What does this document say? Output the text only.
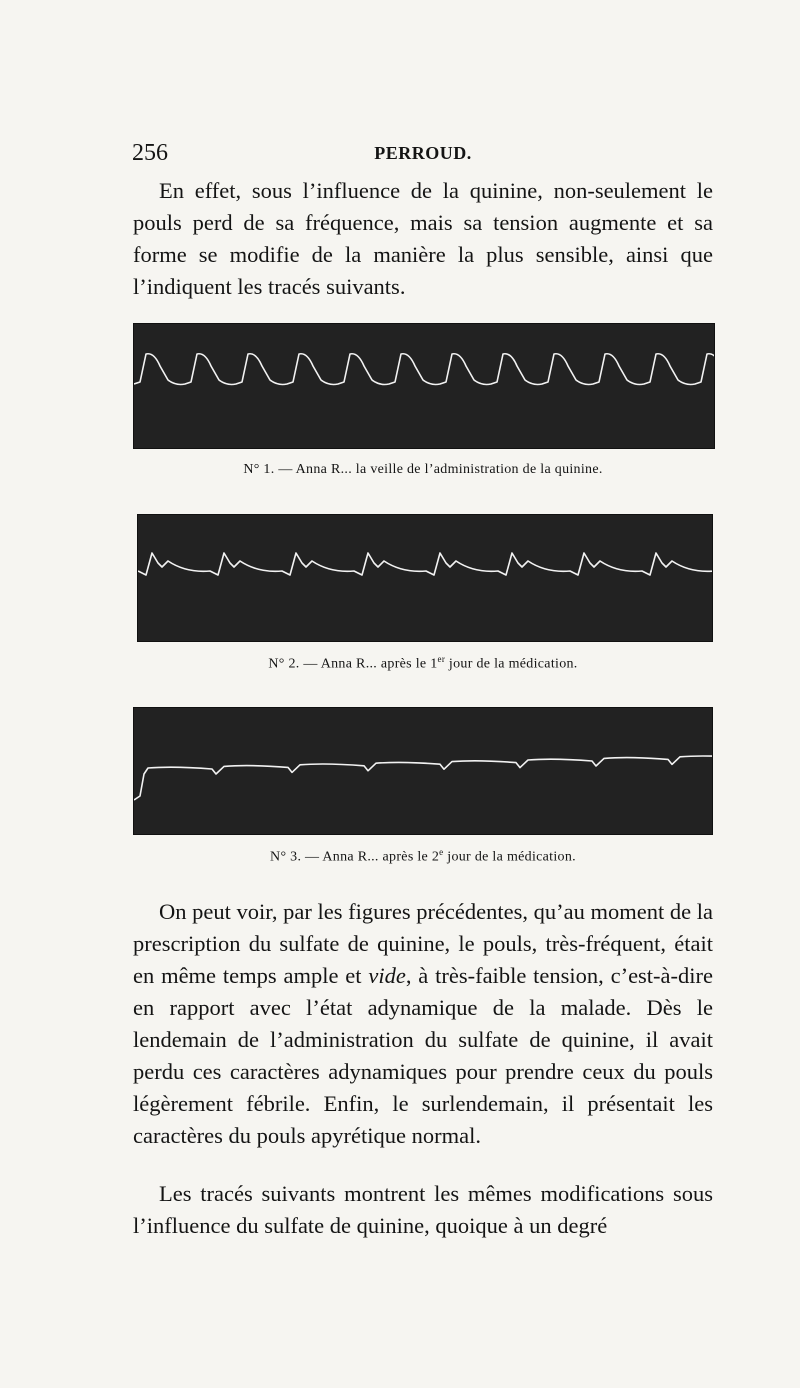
256	PERROUD.

En effet, sous l’influence de la quinine, non-seulement le pouls perd de sa fréquence, mais sa tension augmente et sa forme se modifie de la manière la plus sensible, ainsi que l’indiquent les tracés suivants.

N° 1. — Anna R... la veille de l’administration de la quinine.
N° 2. — Anna R... après le 1er jour de la médication.
N° 3. — Anna R... après le 2e jour de la médication.

On peut voir, par les figures précédentes, qu’au moment de la prescription du sulfate de quinine, le pouls, très-fréquent, était en même temps ample et vide, à très-faible tension, c’est-à-dire en rapport avec l’état adynamique de la malade. Dès le lendemain de l’administration du sulfate de quinine, il avait perdu ces caractères adynamiques pour prendre ceux du pouls légèrement fébrile. Enfin, le surlendemain, il présentait les caractères du pouls apyrétique normal.

Les tracés suivants montrent les mêmes modifications sous l’influence du sulfate de quinine, quoique à un degré
